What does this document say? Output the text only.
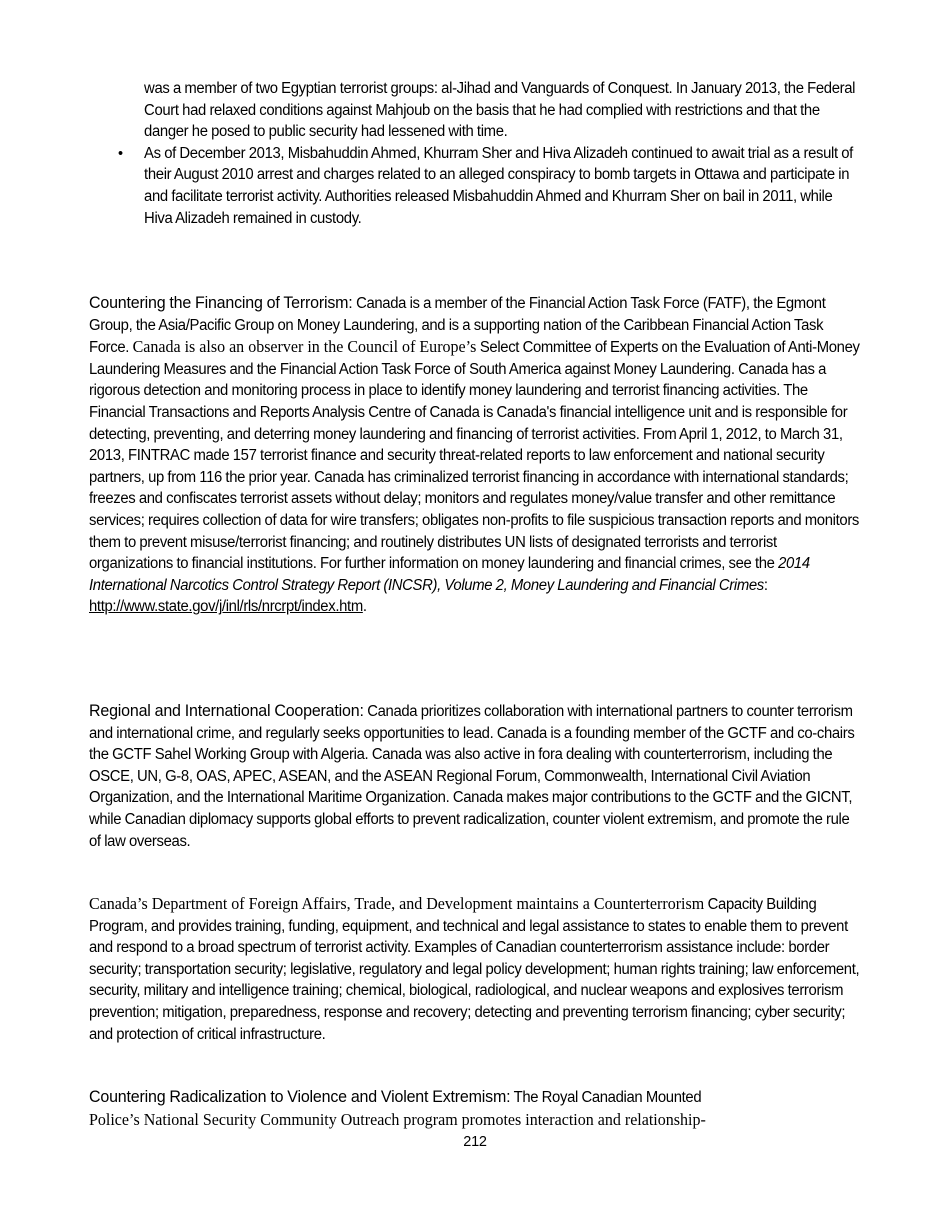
was a member of two Egyptian terrorist groups: al-Jihad and Vanguards of Conquest. In January 2013, the Federal Court had relaxed conditions against Mahjoub on the basis that he had complied with restrictions and that the danger he posed to public security had lessened with time.
•	As of December 2013, Misbahuddin Ahmed, Khurram Sher and Hiva Alizadeh continued to await trial as a result of their August 2010 arrest and charges related to an alleged conspiracy to bomb targets in Ottawa and participate in and facilitate terrorist activity. Authorities released Misbahuddin Ahmed and Khurram Sher on bail in 2011, while Hiva Alizadeh remained in custody.
Countering the Financing of Terrorism: Canada is a member of the Financial Action Task Force (FATF), the Egmont Group, the Asia/Pacific Group on Money Laundering, and is a supporting nation of the Caribbean Financial Action Task Force. Canada is also an observer in the Council of Europe’s Select Committee of Experts on the Evaluation of Anti-Money Laundering Measures and the Financial Action Task Force of South America against Money Laundering. Canada has a rigorous detection and monitoring process in place to identify money laundering and terrorist financing activities. The Financial Transactions and Reports Analysis Centre of Canada is Canada's financial intelligence unit and is responsible for detecting, preventing, and deterring money laundering and financing of terrorist activities. From April 1, 2012, to March 31, 2013, FINTRAC made 157 terrorist finance and security threat-related reports to law enforcement and national security partners, up from 116 the prior year. Canada has criminalized terrorist financing in accordance with international standards; freezes and confiscates terrorist assets without delay; monitors and regulates money/value transfer and other remittance services; requires collection of data for wire transfers; obligates non-profits to file suspicious transaction reports and monitors them to prevent misuse/terrorist financing; and routinely distributes UN lists of designated terrorists and terrorist organizations to financial institutions. For further information on money laundering and financial crimes, see the 2014 International Narcotics Control Strategy Report (INCSR), Volume 2, Money Laundering and Financial Crimes:
http://www.state.gov/j/inl/rls/nrcrpt/index.htm.
Regional and International Cooperation: Canada prioritizes collaboration with international partners to counter terrorism and international crime, and regularly seeks opportunities to lead. Canada is a founding member of the GCTF and co-chairs the GCTF Sahel Working Group with Algeria. Canada was also active in fora dealing with counterterrorism, including the OSCE, UN, G-8, OAS, APEC, ASEAN, and the ASEAN Regional Forum, Commonwealth, International Civil Aviation Organization, and the International Maritime Organization. Canada makes major contributions to the GCTF and the GICNT, while Canadian diplomacy supports global efforts to prevent radicalization, counter violent extremism, and promote the rule of law overseas.
Canada’s Department of Foreign Affairs, Trade, and Development maintains a Counterterrorism Capacity Building Program, and provides training, funding, equipment, and technical and legal assistance to states to enable them to prevent and respond to a broad spectrum of terrorist activity. Examples of Canadian counterterrorism assistance include: border security; transportation security; legislative, regulatory and legal policy development; human rights training; law enforcement, security, military and intelligence training; chemical, biological, radiological, and nuclear weapons and explosives terrorism prevention; mitigation, preparedness, response and recovery; detecting and preventing terrorism financing; cyber security; and protection of critical infrastructure.
Countering Radicalization to Violence and Violent Extremism: The Royal Canadian Mounted
Police’s National Security Community Outreach program promotes interaction and relationship-
212
